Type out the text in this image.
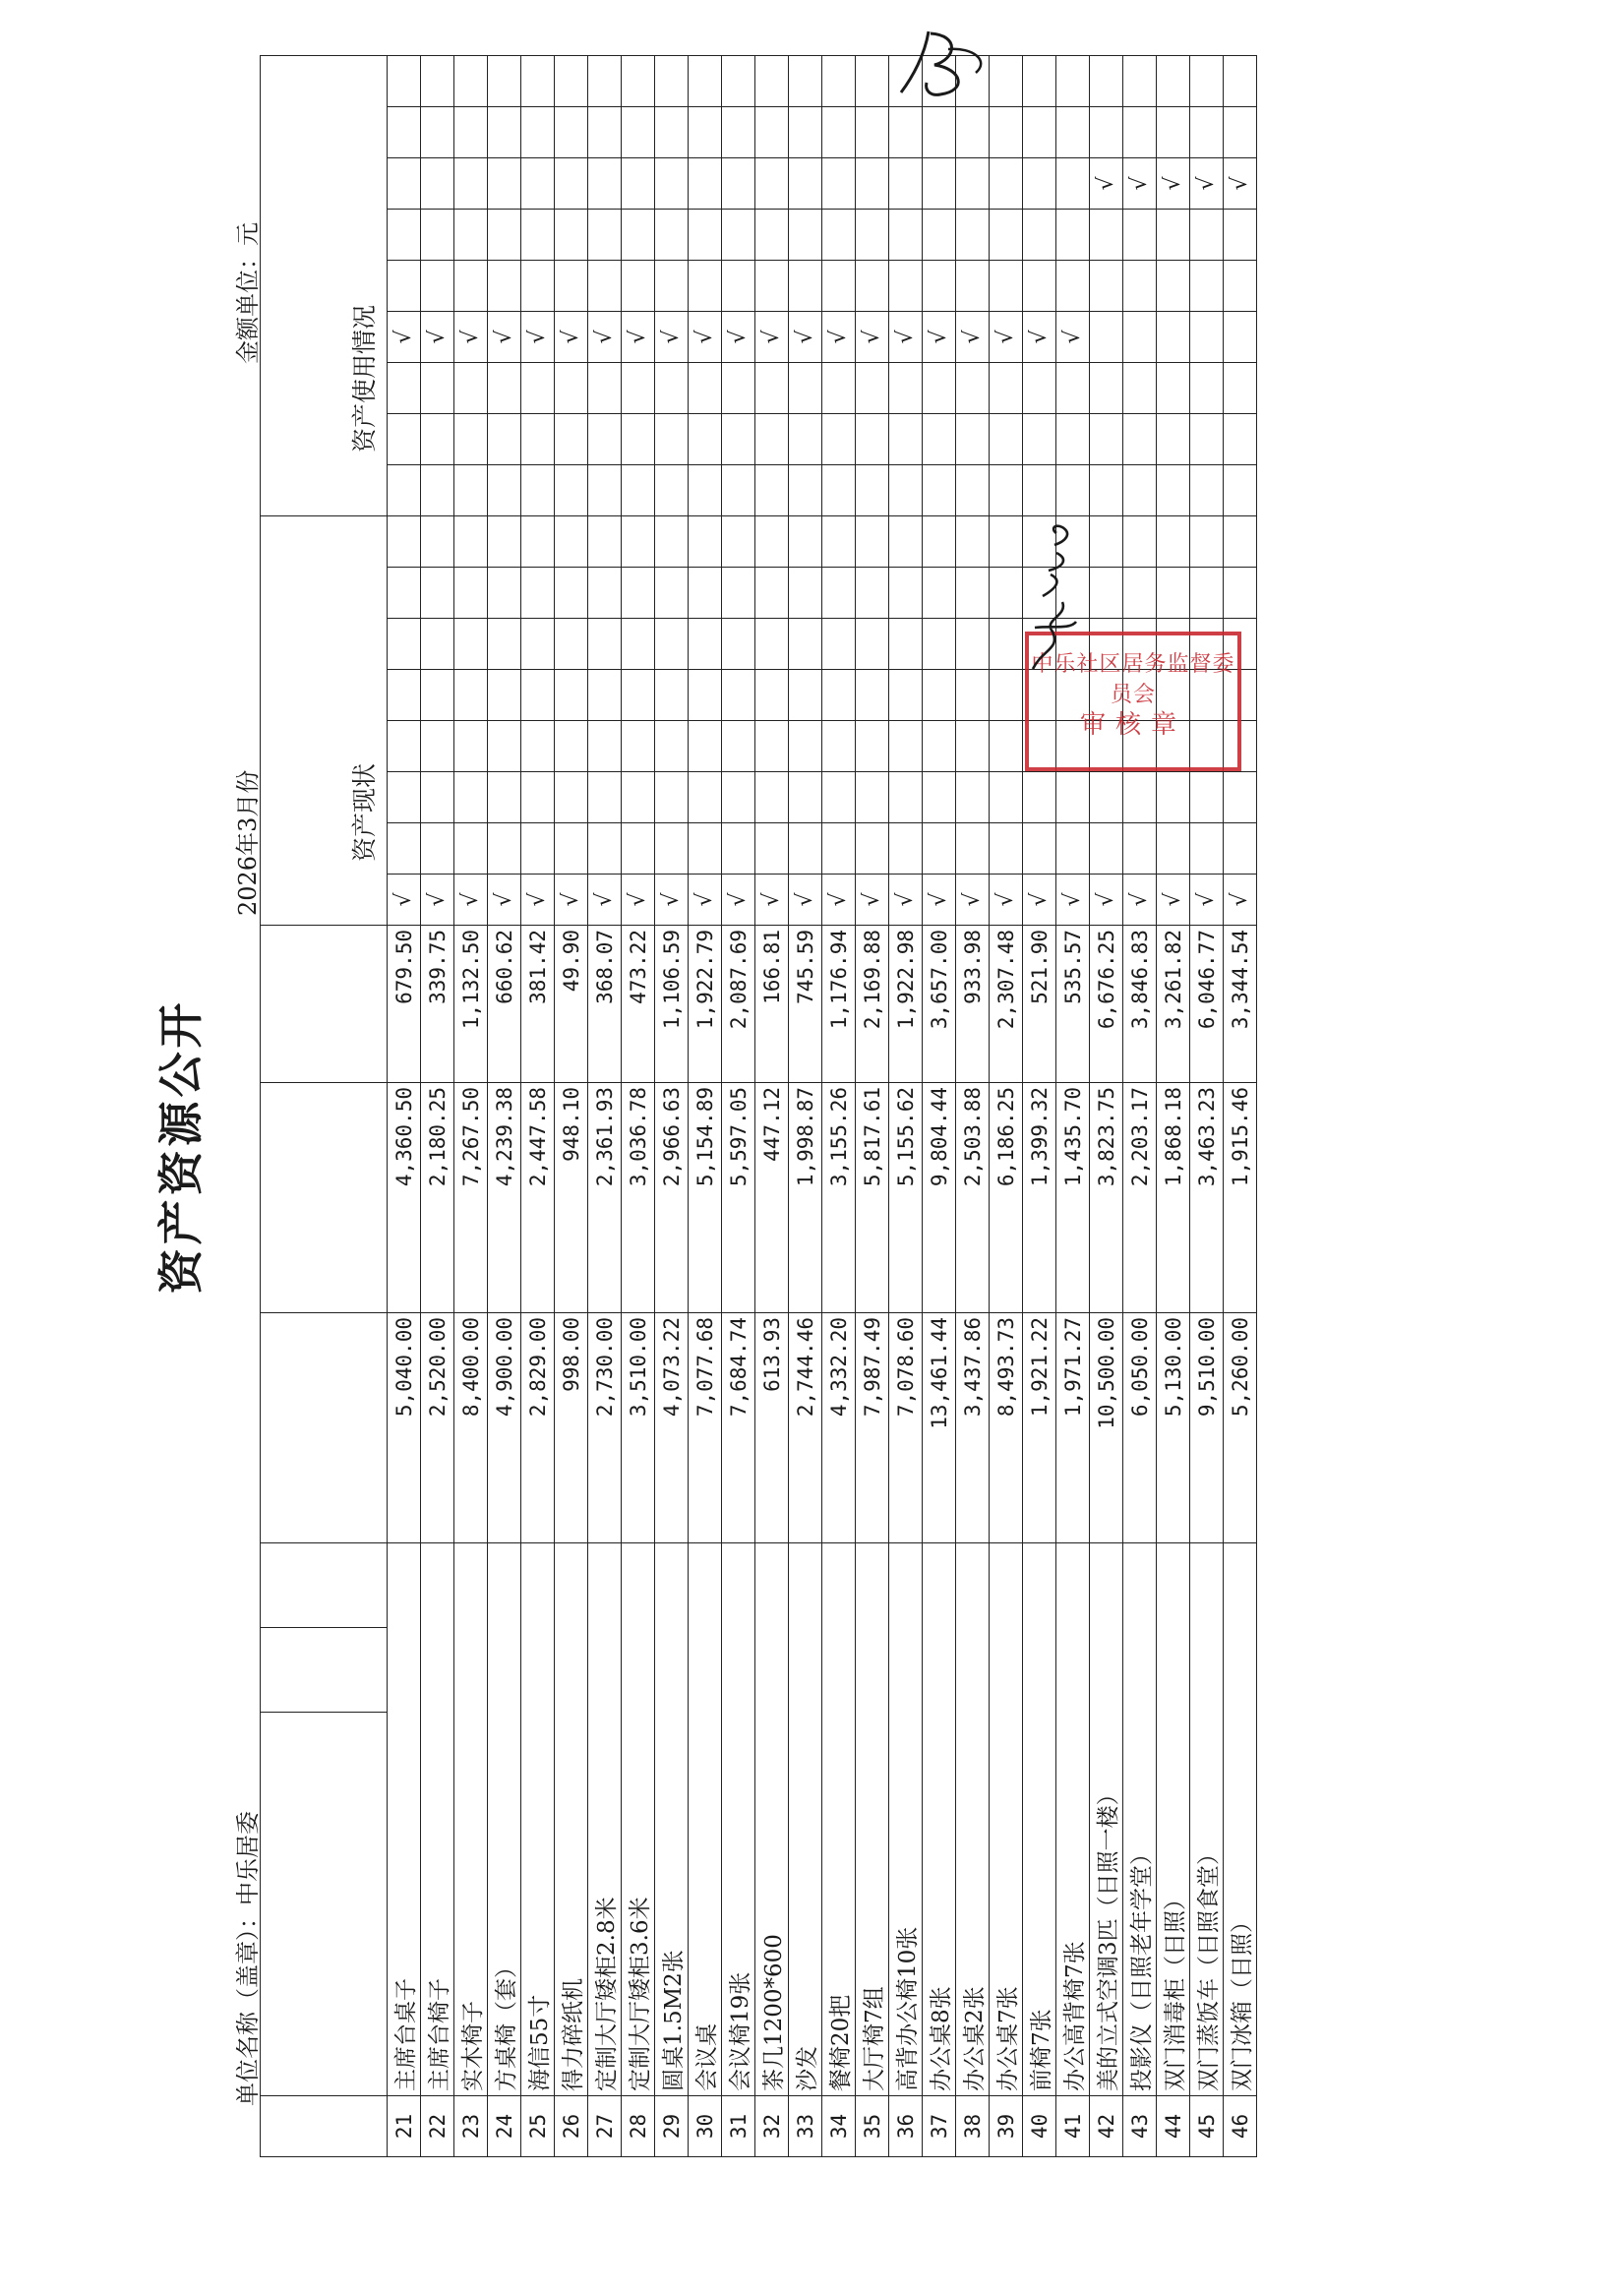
资产资源公开
单位名称（盖章）：中乐居委
2026年3月份
金额单位：元

							资产现状								资产使用情况								

21	主席台桌子			5,040.00	4,360.50	679.50	√											√					
22	主席台椅子			2,520.00	2,180.25	339.75	√											√					
23	实木椅子			8,400.00	7,267.50	1,132.50	√											√					
24	方桌椅（套）			4,900.00	4,239.38	660.62	√											√					
25	海信55寸			2,829.00	2,447.58	381.42	√											√					
26	得力碎纸机			998.00	948.10	49.90	√											√					
27	定制大厅矮柜2.8米			2,730.00	2,361.93	368.07	√											√					
28	定制大厅矮柜3.6米			3,510.00	3,036.78	473.22	√											√					
29	圆桌1.5M2张			4,073.22	2,966.63	1,106.59	√											√					
30	会议桌			7,077.68	5,154.89	1,922.79	√											√					
31	会议椅19张			7,684.74	5,597.05	2,087.69	√											√					
32	茶几1200*600			613.93	447.12	166.81	√											√					
33	沙发			2,744.46	1,998.87	745.59	√											√					
34	餐椅20把			4,332.20	3,155.26	1,176.94	√											√					
35	大厅椅7组			7,987.49	5,817.61	2,169.88	√											√					
36	高背办公椅10张			7,078.60	5,155.62	1,922.98	√											√					
37	办公桌8张			13,461.44	9,804.44	3,657.00	√											√					
38	办公桌2张			3,437.86	2,503.88	933.98	√											√					
39	办公桌7张			8,493.73	6,186.25	2,307.48	√											√					
40	前椅7张			1,921.22	1,399.32	521.90	√											√					
41	办公高背椅7张			1,971.27	1,435.70	535.57	√											√					
42	美的立式空调3匹（日照一楼）			10,500.00	3,823.75	6,676.25	√														√		
43	投影仪（日照老年学堂）			6,050.00	2,203.17	3,846.83	√														√		
44	双门消毒柜（日照）			5,130.00	1,868.18	3,261.82	√														√		
45	双门蒸饭车（日照食堂）			9,510.00	3,463.23	6,046.77	√														√		
46	双门冰箱（日照）			5,260.00	1,915.46	3,344.54	√														√		
中乐社区居务监督委员会
审核章
